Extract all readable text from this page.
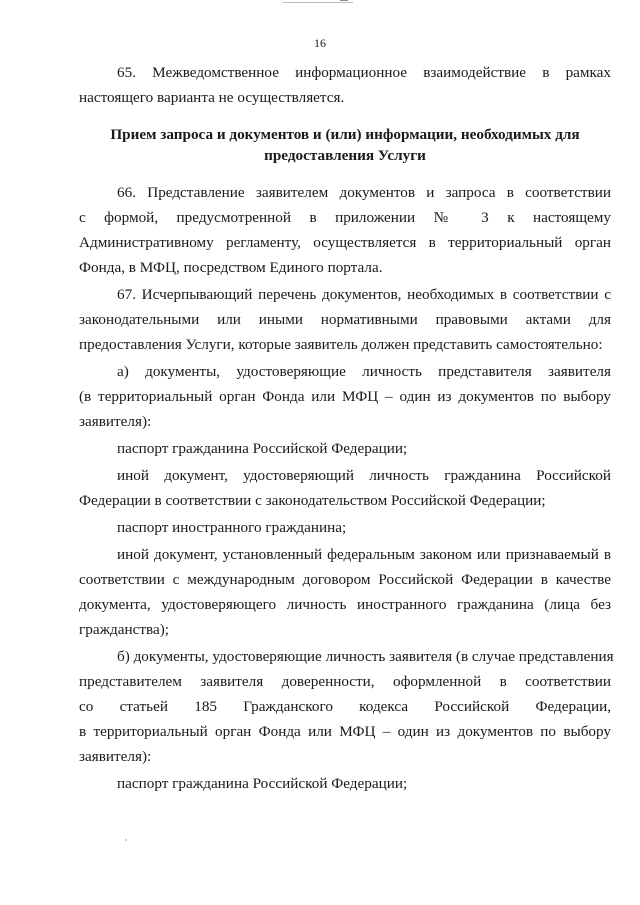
16

65. Межведомственное информационное взаимодействие в рамках
настоящего варианта не осуществляется.

Прием запроса и документов и (или) информации, необходимых для
предоставления Услуги

66. Представление заявителем документов и запроса в соответствии
с формой, предусмотренной в приложении № 3 к настоящему
Административному регламенту, осуществляется в территориальный орган
Фонда, в МФЦ, посредством Единого портала.

67. Исчерпывающий перечень документов, необходимых в соответствии с
законодательными или иными нормативными правовыми актами для
предоставления Услуги, которые заявитель должен представить самостоятельно:

а) документы, удостоверяющие личность представителя заявителя
(в территориальный орган Фонда или МФЦ – один из документов по выбору
заявителя):

паспорт гражданина Российской Федерации;

иной документ, удостоверяющий личность гражданина Российской
Федерации в соответствии с законодательством Российской Федерации;

паспорт иностранного гражданина;

иной документ, установленный федеральным законом или признаваемый в
соответствии с международным договором Российской Федерации в качестве
документа, удостоверяющего личность иностранного гражданина (лица без
гражданства);

б) документы, удостоверяющие личность заявителя (в случае представления
представителем заявителя доверенности, оформленной в соответствии
со статьей 185 Гражданского кодекса Российской Федерации,
в территориальный орган Фонда или МФЦ – один из документов по выбору
заявителя):

паспорт гражданина Российской Федерации;
